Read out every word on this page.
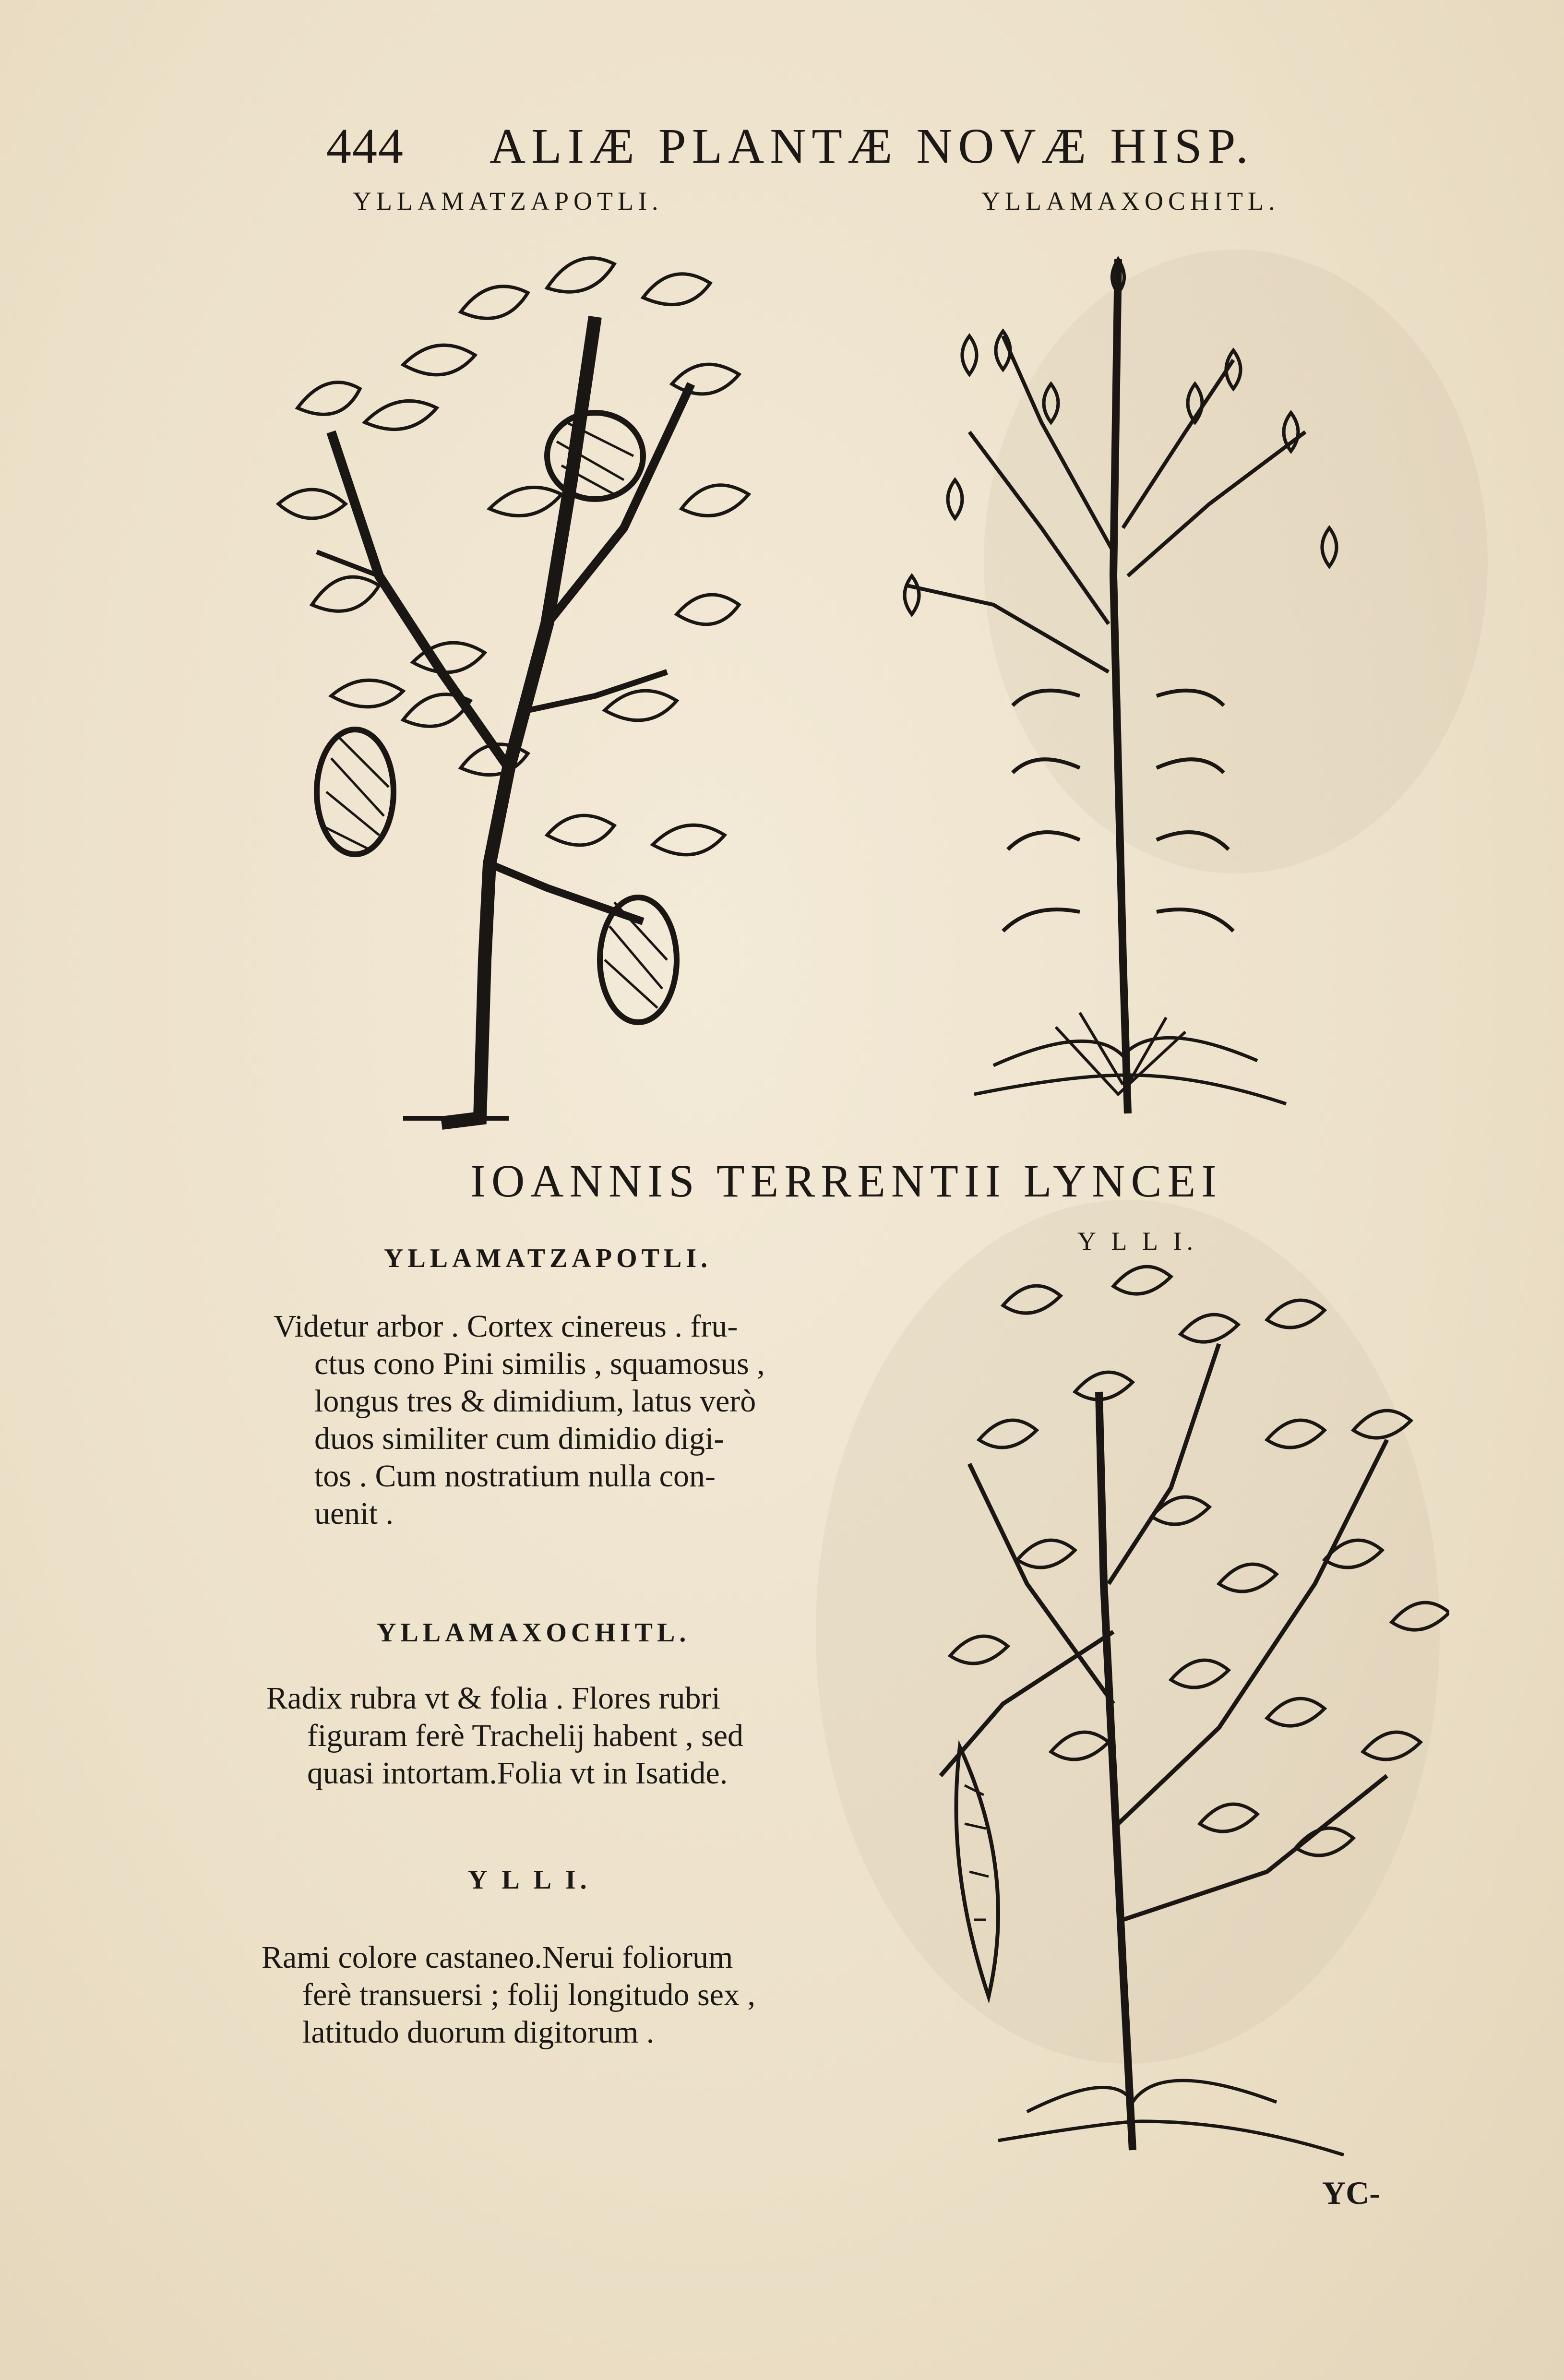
444 ALIÆ PLANTÆ NOVÆ HISP.
YLLAMATZAPOTLI.	YLLAMAXOCHITL.
IOANNIS TERRENTII LYNCEI
Y L L I.
YLLAMATZAPOTLI.
Videtur arbor . Cortex cinereus . fru-
ctus cono Pini similis , squamosus ,
longus tres & dimidium, latus verò
duos similiter cum dimidio digi-
tos . Cum nostratium nulla con-
uenit .
YLLAMAXOCHITL.
Radix rubra vt & folia . Flores rubri
figuram ferè Trachelij habent , sed
quasi intortam.Folia vt in Isatide.
Y L L I.
Rami colore castaneo.Nerui foliorum
ferè transuersi ; folij longitudo sex ,
latitudo duorum digitorum .
YC-
